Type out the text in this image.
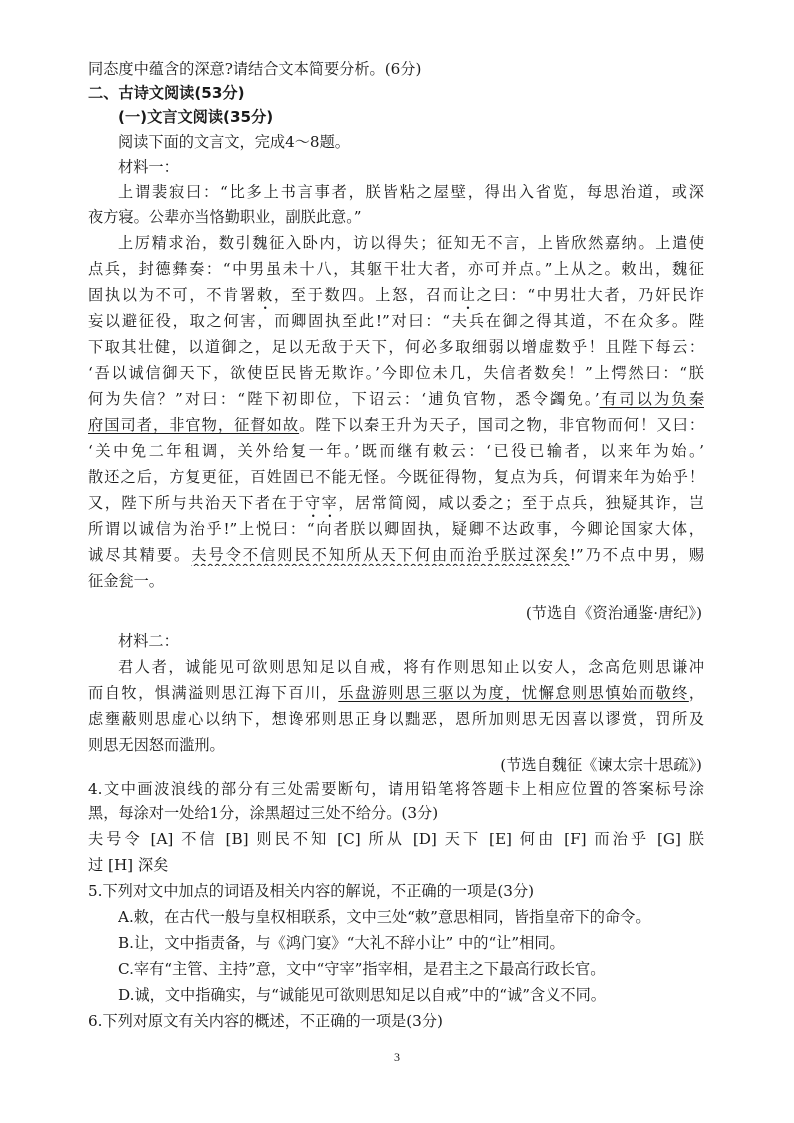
同态度中蕴含的深意?请结合文本简要分析。(6分)
二、古诗文阅读(53分)
(一)文言文阅读(35分)
阅读下面的文言文，完成4～8题。
材料一：
上谓裴寂曰：“比多上书言事者，朕皆粘之屋壁，得出入省览，每思治道，或深
夜方寝。公辈亦当恪勤职业，副朕此意。”
上厉精求治，数引魏征入卧内，访以得失；征知无不言，上皆欣然嘉纳。上遣使
点兵，封德彝奏：“中男虽未十八，其躯干壮大者，亦可并点。”上从之。敕出，魏征
固执以为不可，不肯署敕，至于数四。上怒，召而让之曰：“中男壮大者，乃奸民诈
妄以避征役，取之何害，而卿固执至此!”对曰：“夫兵在御之得其道，不在众多。陛
下取其壮健，以道御之，足以无敌于天下，何必多取细弱以增虚数乎！且陛下每云：
‘吾以诚信御天下，欲使臣民皆无欺诈。’今即位未几，失信者数矣！”上愕然曰：“朕
何为失信？”对曰：“陛下初即位，下诏云：‘逋负官物，悉令蠲免。’有司以为负秦
府国司者，非官物，征督如故。陛下以秦王升为天子，国司之物，非官物而何！又曰：
‘关中免二年租调，关外给复一年。’既而继有敕云：‘已役已输者，以来年为始。’
散还之后，方复更征，百姓固已不能无怪。今既征得物，复点为兵，何谓来年为始乎！
又，陛下所与共治天下者在于守宰，居常简阅，咸以委之；至于点兵，独疑其诈，岂
所谓以诚信为治乎!”上悦曰：“向者朕以卿固执，疑卿不达政事，今卿论国家大体，
诚尽其精要。夫号令不信则民不知所从天下何由而治乎朕过深矣!”乃不点中男，赐
征金瓮一。
(节选自《资治通鉴·唐纪》)
材料二：
君人者，诚能见可欲则思知足以自戒，将有作则思知止以安人，念高危则思谦冲
而自牧，惧满溢则思江海下百川，乐盘游则思三驱以为度，忧懈怠则思慎始而敬终，
虑壅蔽则思虚心以纳下，想谗邪则思正身以黜恶，恩所加则思无因喜以谬赏，罚所及
则思无因怒而滥刑。
(节选自魏征《谏太宗十思疏》)
4.文中画波浪线的部分有三处需要断句，请用铅笔将答题卡上相应位置的答案标号涂
黑，每涂对一处给1分，涂黑超过三处不给分。(3分)
夫号令 [A] 不信 [B] 则民不知 [C] 所从 [D] 天下 [E] 何由 [F] 而治乎 [G] 朕
过 [H] 深矣
5.下列对文中加点的词语及相关内容的解说，不正确的一项是(3分)
A.敕，在古代一般与皇权相联系，文中三处“敕”意思相同，皆指皇帝下的命令。
B.让，文中指责备，与《鸿门宴》“大礼不辞小让” 中的“让”相同。
C.宰有“主管、主持”意，文中“守宰”指宰相，是君主之下最高行政长官。
D.诚，文中指确实，与“诚能见可欲则思知足以自戒”中的“诚”含义不同。
6.下列对原文有关内容的概述，不正确的一项是(3分)
3
